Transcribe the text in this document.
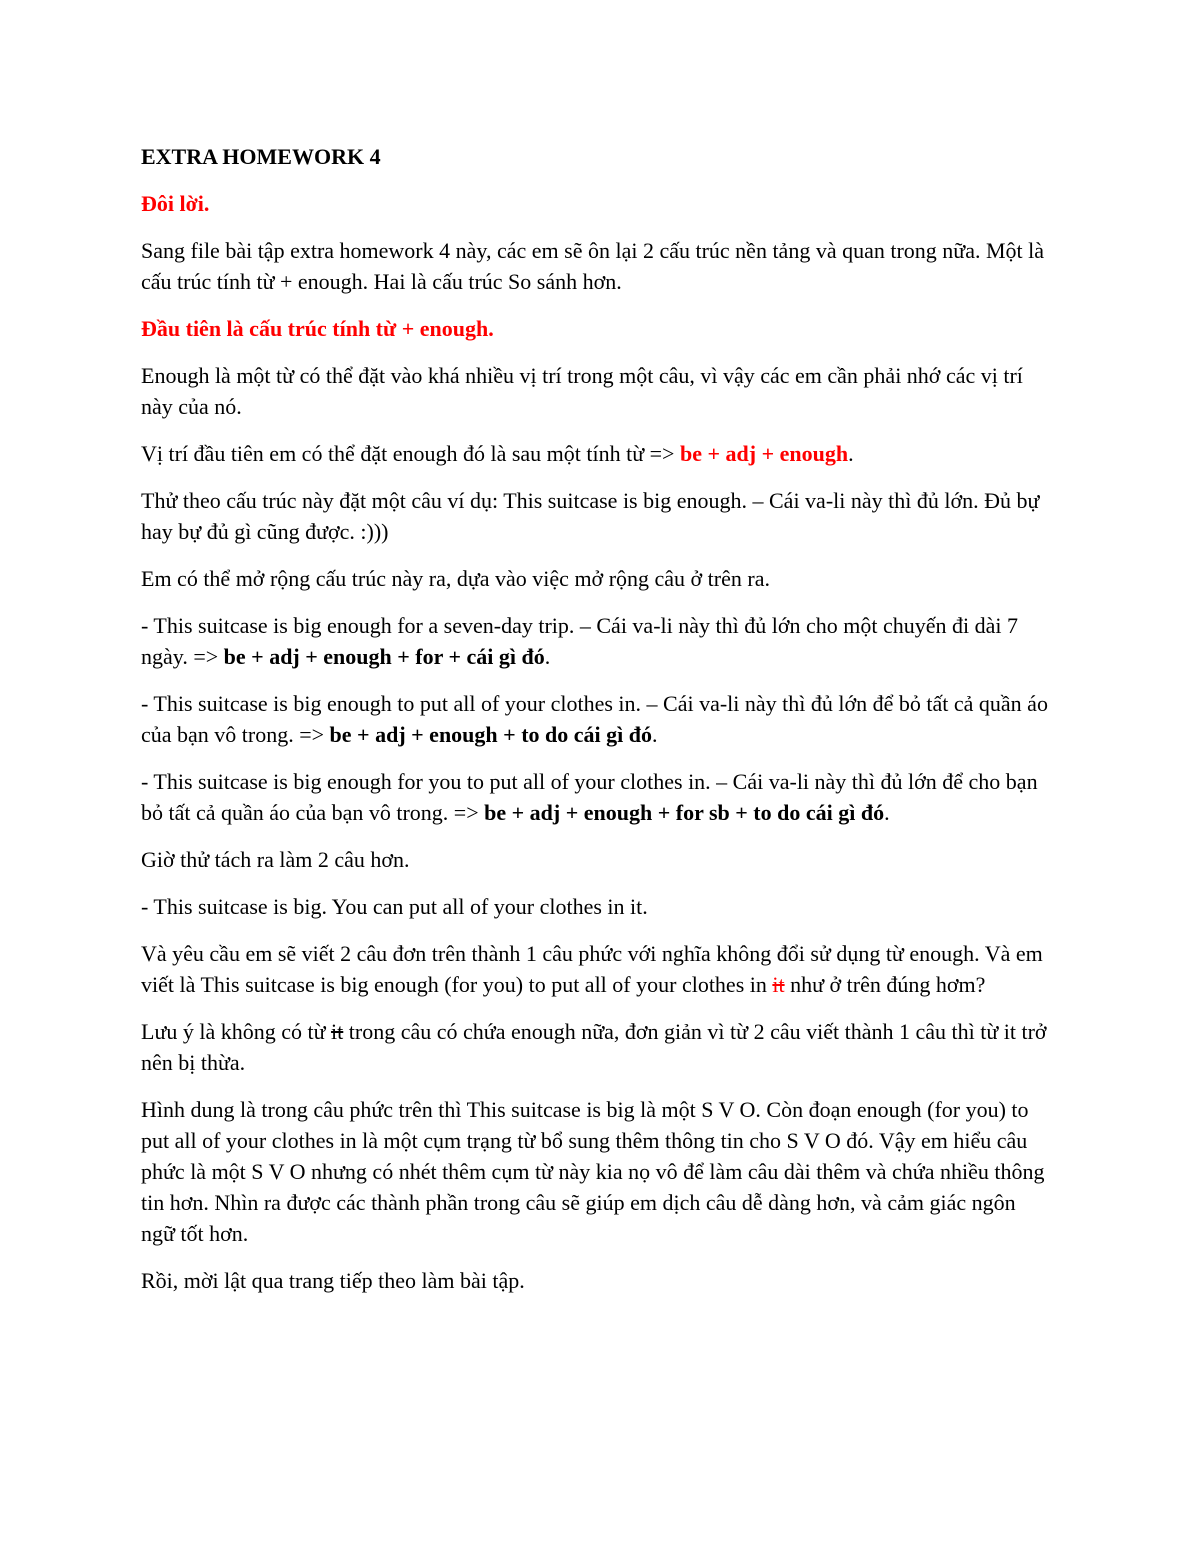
EXTRA HOMEWORK 4

Đôi lời.

Sang file bài tập extra homework 4 này, các em sẽ ôn lại 2 cấu trúc nền tảng và quan trong nữa. Một là cấu trúc tính từ + enough. Hai là cấu trúc So sánh hơn.

Đầu tiên là cấu trúc tính từ + enough.

Enough là một từ có thể đặt vào khá nhiều vị trí trong một câu, vì vậy các em cần phải nhớ các vị trí này của nó.

Vị trí đầu tiên em có thể đặt enough đó là sau một tính từ => be + adj + enough.

Thử theo cấu trúc này đặt một câu ví dụ: This suitcase is big enough. – Cái va-li này thì đủ lớn. Đủ bự hay bự đủ gì cũng được. :)))

Em có thể mở rộng cấu trúc này ra, dựa vào việc mở rộng câu ở trên ra.

- This suitcase is big enough for a seven-day trip. – Cái va-li này thì đủ lớn cho một chuyến đi dài 7 ngày. => be + adj + enough + for + cái gì đó.

- This suitcase is big enough to put all of your clothes in. – Cái va-li này thì đủ lớn để bỏ tất cả quần áo của bạn vô trong. => be + adj + enough + to do cái gì đó.

- This suitcase is big enough for you to put all of your clothes in. – Cái va-li này thì đủ lớn để cho bạn bỏ tất cả quần áo của bạn vô trong. => be + adj + enough + for sb + to do cái gì đó.

Giờ thử tách ra làm 2 câu hơn.

- This suitcase is big. You can put all of your clothes in it.

Và yêu cầu em sẽ viết 2 câu đơn trên thành 1 câu phức với nghĩa không đổi sử dụng từ enough. Và em viết là This suitcase is big enough (for you) to put all of your clothes in it như ở trên đúng hơm?

Lưu ý là không có từ it trong câu có chứa enough nữa, đơn giản vì từ 2 câu viết thành 1 câu thì từ it trở nên bị thừa.

Hình dung là trong câu phức trên thì This suitcase is big là một S V O. Còn đoạn enough (for you) to put all of your clothes in là một cụm trạng từ bổ sung thêm thông tin cho S V O đó. Vậy em hiểu câu phức là một S V O nhưng có nhét thêm cụm từ này kia nọ vô để làm câu dài thêm và chứa nhiều thông tin hơn. Nhìn ra được các thành phần trong câu sẽ giúp em dịch câu dễ dàng hơn, và cảm giác ngôn ngữ tốt hơn.

Rồi, mời lật qua trang tiếp theo làm bài tập.
